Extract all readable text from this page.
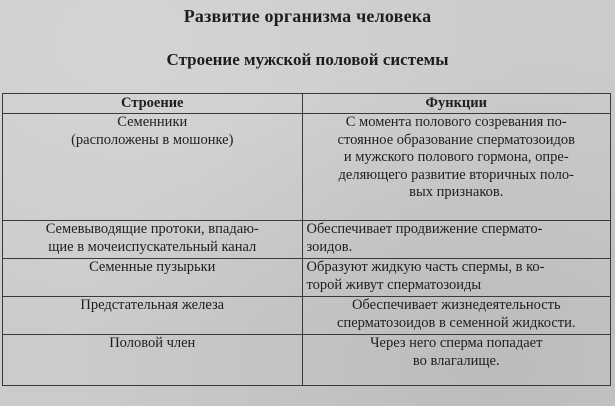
Развитие организма человека
Строение мужской половой системы
Строение	Функции
Семенники
(расположены в мошонке)	С момента полового созревания по-
стоянное образование сперматозоидов
и мужского полового гормона, опре-
деляющего развитие вторичных поло-
вых признаков.
Семевыводящие протоки, впадаю-
щие в мочеиспускательный канал	Обеспечивает продвижение спермато-
зоидов.
Семенные пузырьки	Образуют жидкую часть спермы, в ко-
торой живут сперматозоиды
Предстательная железа	Обеспечивает жизнедеятельность
сперматозоидов в семенной жидкости.
Половой член	Через него сперма попадает
во влагалище.
